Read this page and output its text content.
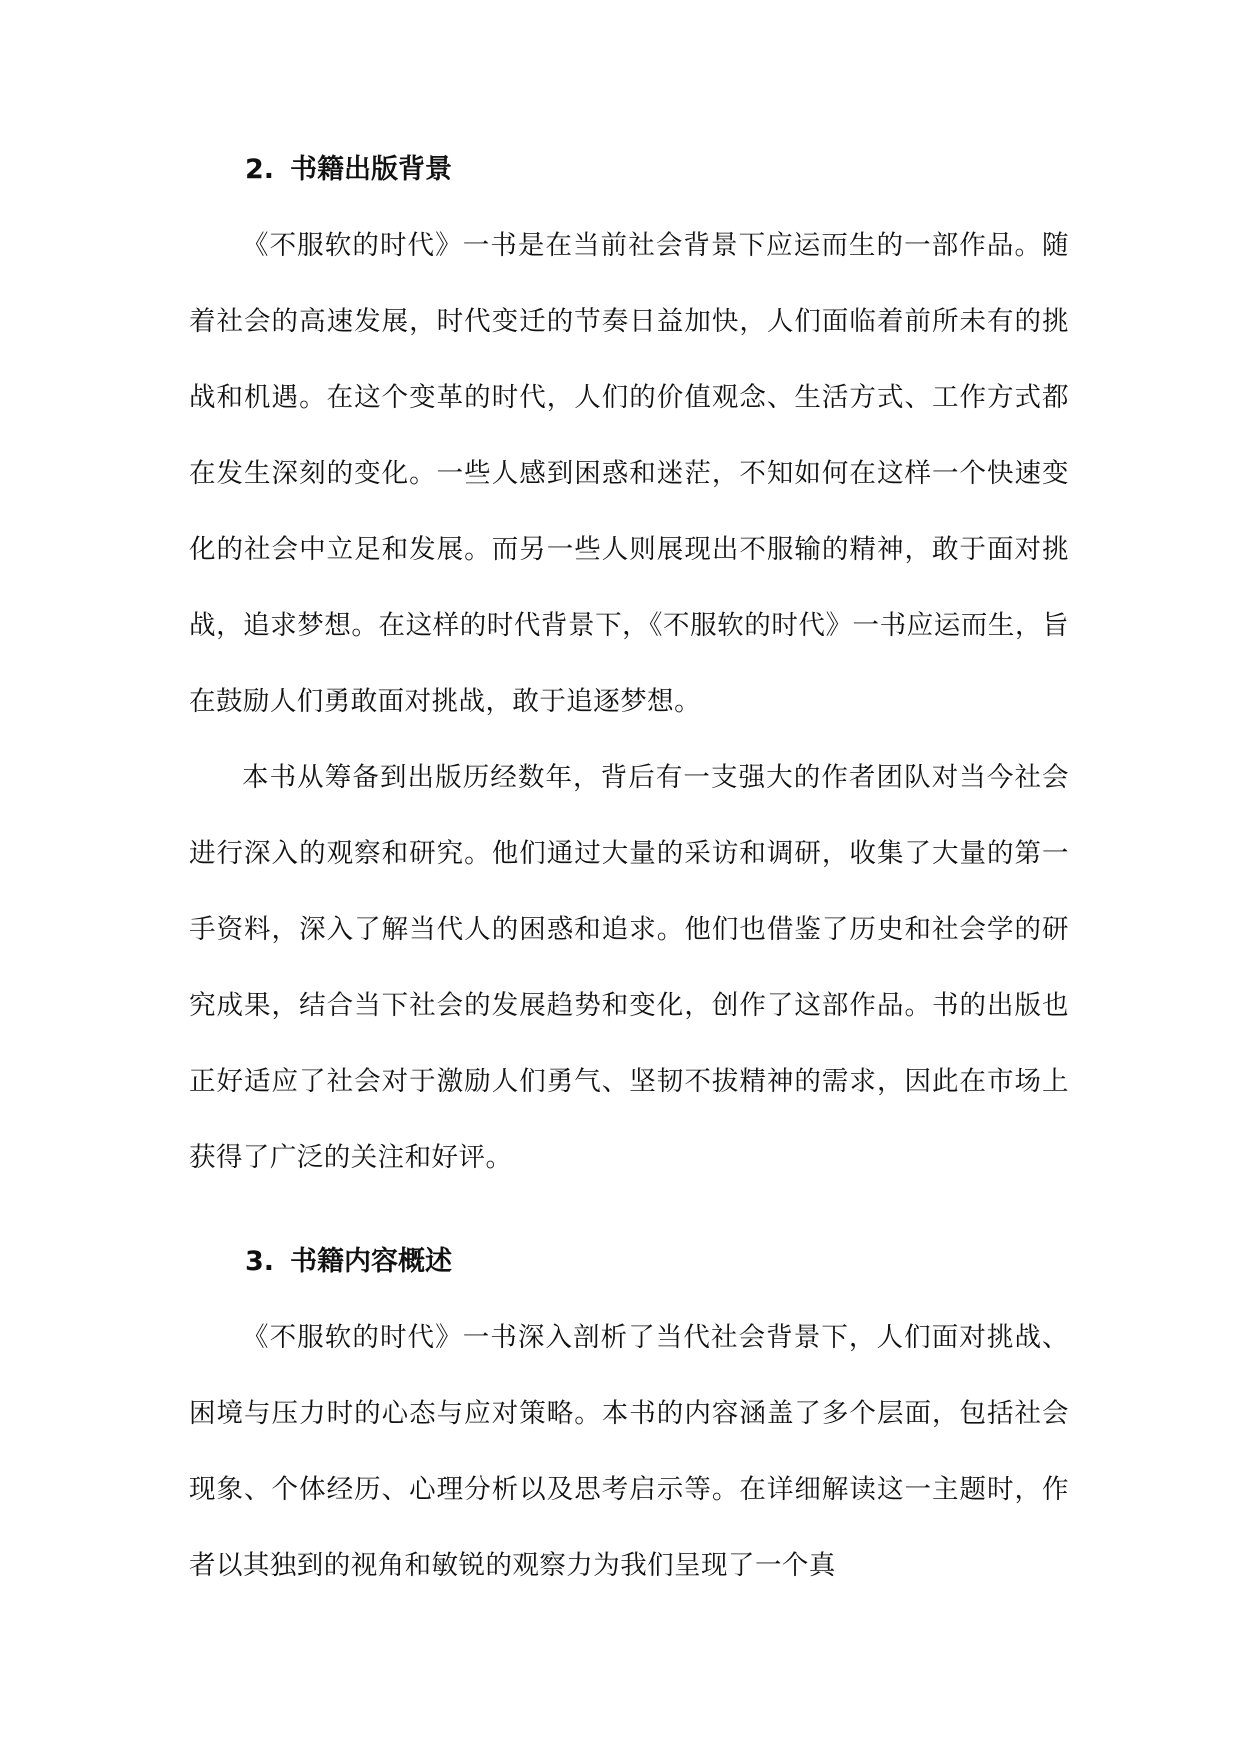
2. 书籍出版背景

《不服软的时代》一书是在当前社会背景下应运而生的一部作品。随着社会的高速发展，时代变迁的节奏日益加快，人们面临着前所未有的挑战和机遇。在这个变革的时代，人们的价值观念、生活方式、工作方式都在发生深刻的变化。一些人感到困惑和迷茫，不知如何在这样一个快速变化的社会中立足和发展。而另一些人则展现出不服输的精神，敢于面对挑战，追求梦想。在这样的时代背景下，《不服软的时代》一书应运而生，旨在鼓励人们勇敢面对挑战，敢于追逐梦想。

本书从筹备到出版历经数年，背后有一支强大的作者团队对当今社会进行深入的观察和研究。他们通过大量的采访和调研，收集了大量的第一手资料，深入了解当代人的困惑和追求。他们也借鉴了历史和社会学的研究成果，结合当下社会的发展趋势和变化，创作了这部作品。书的出版也正好适应了社会对于激励人们勇气、坚韧不拔精神的需求，因此在市场上获得了广泛的关注和好评。

3. 书籍内容概述

《不服软的时代》一书深入剖析了当代社会背景下，人们面对挑战、困境与压力时的心态与应对策略。本书的内容涵盖了多个层面，包括社会现象、个体经历、心理分析以及思考启示等。在详细解读这一主题时，作者以其独到的视角和敏锐的观察力为我们呈现了一个真
